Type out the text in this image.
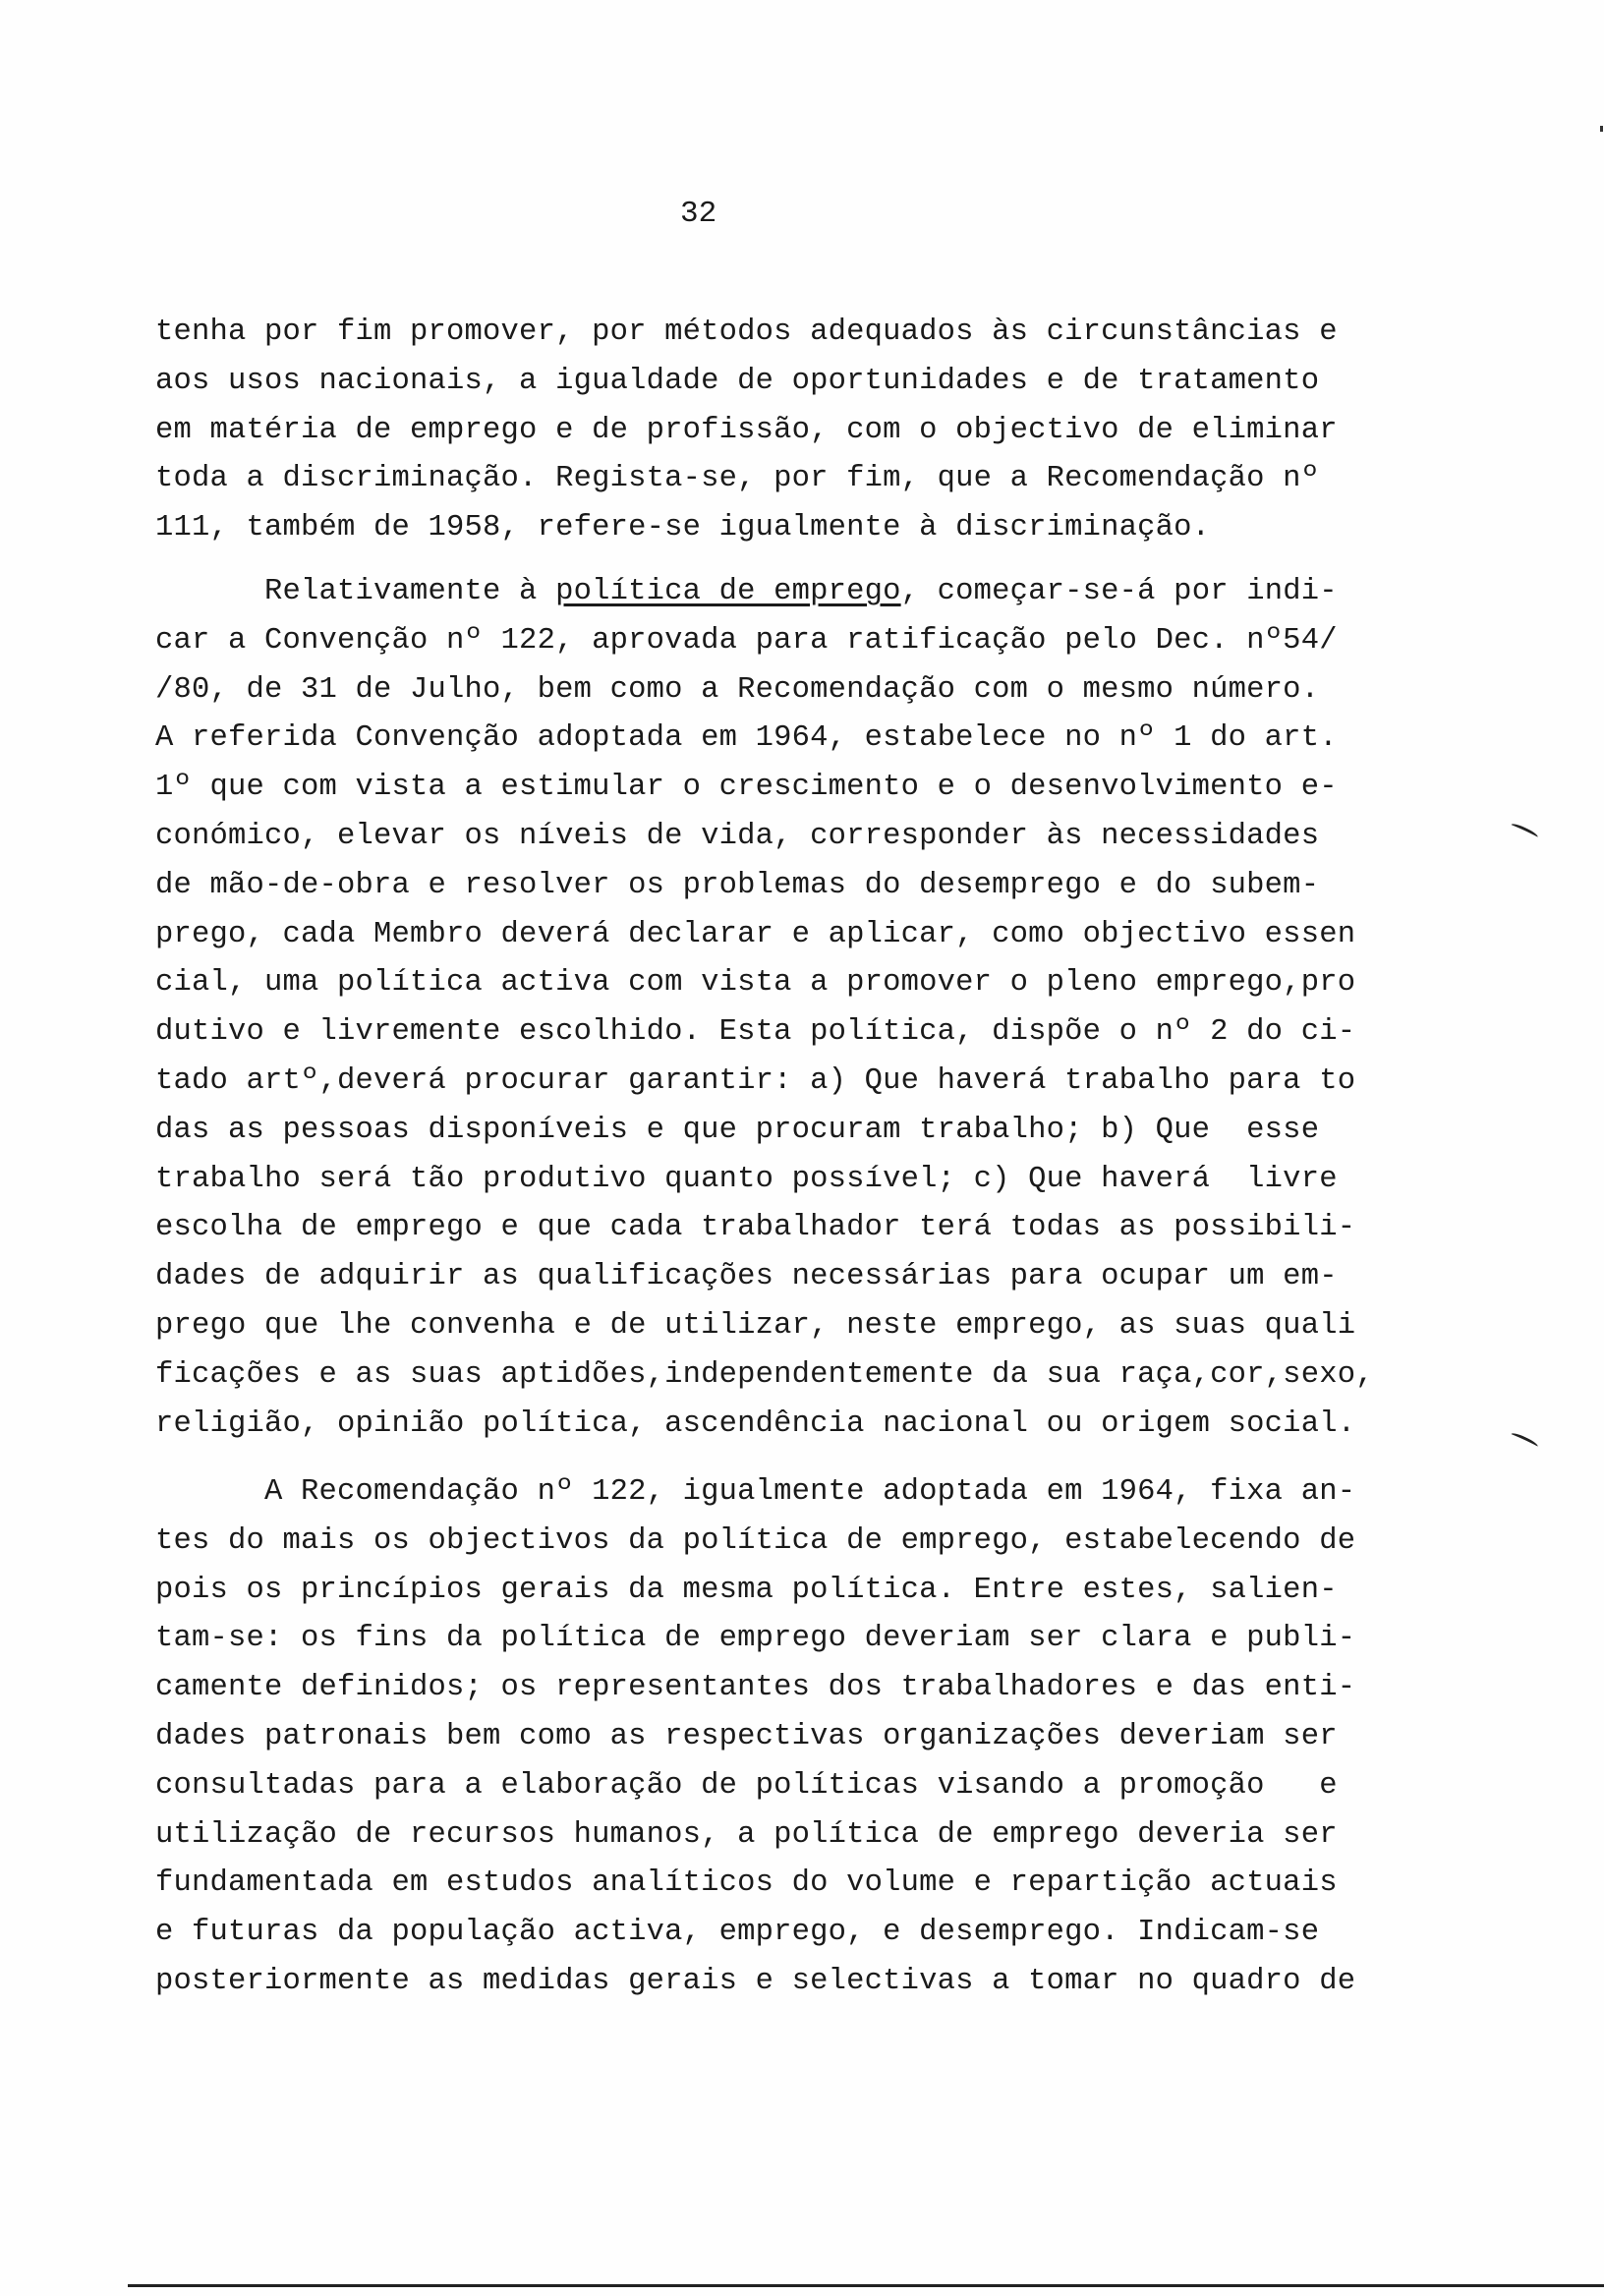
32
tenha por fim promover, por métodos adequados às circunstâncias e
aos usos nacionais, a igualdade de oportunidades e de tratamento
em matéria de emprego e de profissão, com o objectivo de eliminar
toda a discriminação. Regista-se, por fim, que a Recomendação nº
111, também de 1958, refere-se igualmente à discriminação.
Relativamente à política de emprego, começar-se-á por indi-
car a Convenção nº 122, aprovada para ratificação pelo Dec. nº54/
/80, de 31 de Julho, bem como a Recomendação com o mesmo número.
A referida Convenção adoptada em 1964, estabelece no nº 1 do art.
1º que com vista a estimular o crescimento e o desenvolvimento e-
conómico, elevar os níveis de vida, corresponder às necessidades
de mão-de-obra e resolver os problemas do desemprego e do subem-
prego, cada Membro deverá declarar e aplicar, como objectivo essen
cial, uma política activa com vista a promover o pleno emprego,pro
dutivo e livremente escolhido. Esta política, dispõe o nº 2 do ci-
tado artº,deverá procurar garantir: a) Que haverá trabalho para to
das as pessoas disponíveis e que procuram trabalho; b) Que  esse
trabalho será tão produtivo quanto possível; c) Que haverá  livre
escolha de emprego e que cada trabalhador terá todas as possibili-
dades de adquirir as qualificações necessárias para ocupar um em-
prego que lhe convenha e de utilizar, neste emprego, as suas quali
ficações e as suas aptidões,independentemente da sua raça,cor,sexo,
religião, opinião política, ascendência nacional ou origem social.
A Recomendação nº 122, igualmente adoptada em 1964, fixa an-
tes do mais os objectivos da política de emprego, estabelecendo de
pois os princípios gerais da mesma política. Entre estes, salien-
tam-se: os fins da política de emprego deveriam ser clara e publi-
camente definidos; os representantes dos trabalhadores e das enti-
dades patronais bem como as respectivas organizações deveriam ser
consultadas para a elaboração de políticas visando a promoção   e
utilização de recursos humanos, a política de emprego deveria ser
fundamentada em estudos analíticos do volume e repartição actuais
e futuras da população activa, emprego, e desemprego. Indicam-se
posteriormente as medidas gerais e selectivas a tomar no quadro de
